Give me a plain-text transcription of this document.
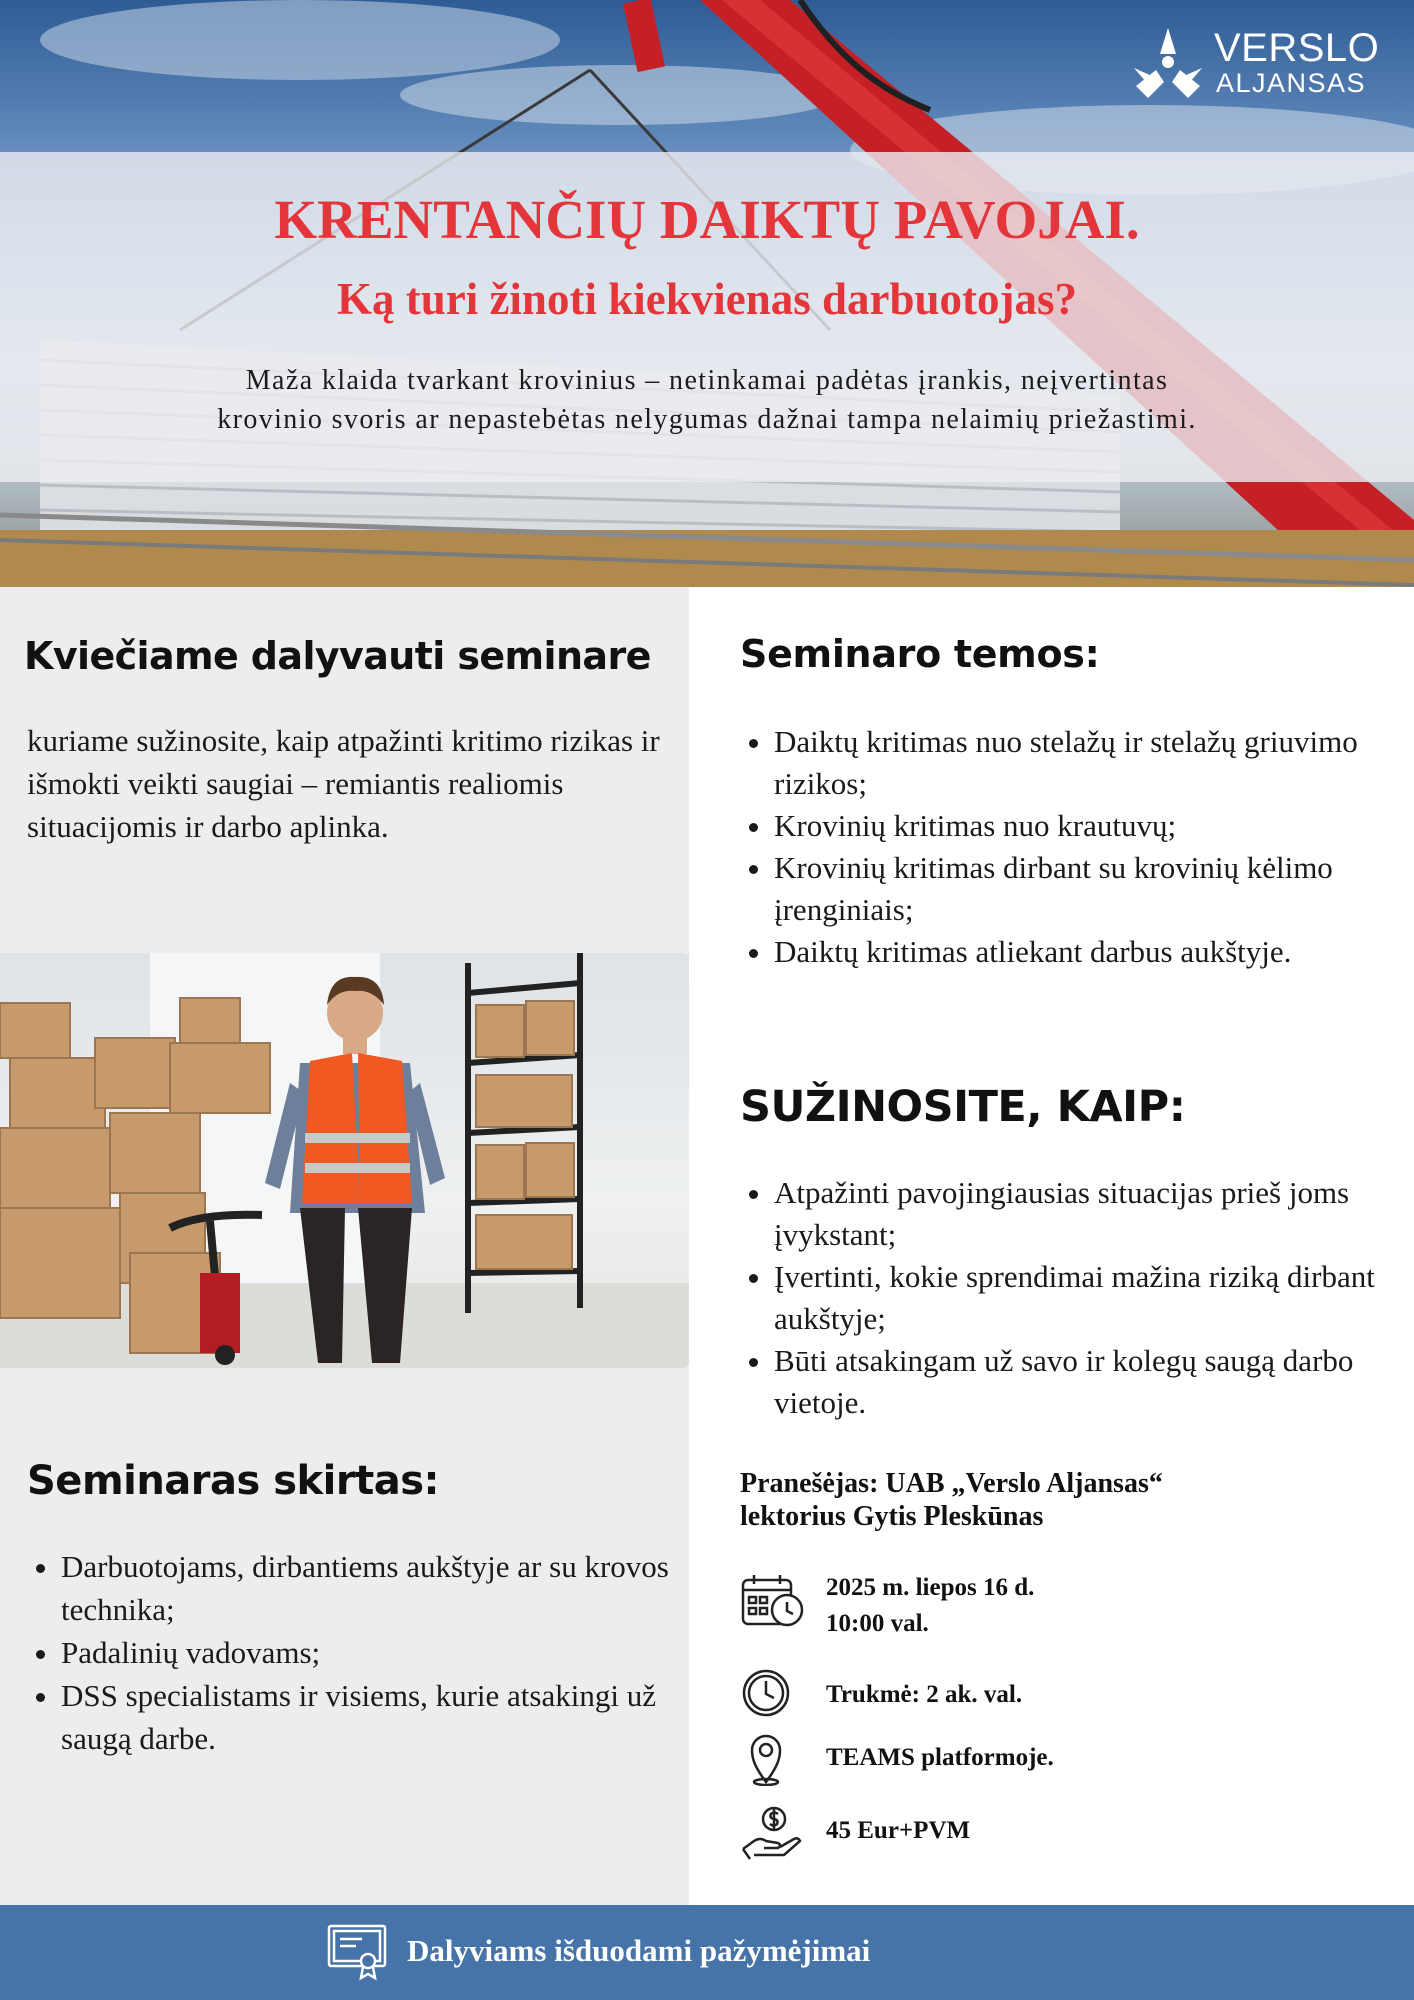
VERSLO
ALJANSAS
KRENTANČIŲ DAIKTŲ PAVOJAI.
Ką turi žinoti kiekvienas darbuotojas?

Maža klaida tvarkant krovinius – netinkamai padėtas įrankis, neįvertintas
krovinio svoris ar nepastebėtas nelygumas dažnai tampa nelaimių priežastimi.

Kviečiame dalyvauti seminare

kuriame sužinosite, kaip atpažinti kritimo rizikas ir išmokti veikti saugiai – remiantis realiomis situacijomis ir darbo aplinka.

Seminaras skirtas:
• Darbuotojams, dirbantiems aukštyje ar su krovos technika;
• Padalinių vadovams;
• DSS specialistams ir visiems, kurie atsakingi už saugą darbe.
Seminaro temos:
• Daiktų kritimas nuo stelažų ir stelažų griuvimo rizikos;
• Krovinių kritimas nuo krautuvų;
• Krovinių kritimas dirbant su krovinių kėlimo įrenginiais;
• Daiktų kritimas atliekant darbus aukštyje.
SUŽINOSITE, KAIP:
• Atpažinti pavojingiausias situacijas prieš joms įvykstant;
• Įvertinti, kokie sprendimai mažina riziką dirbant aukštyje;
• Būti atsakingam už savo ir kolegų saugą darbo vietoje.
Pranešėjas: UAB „Verslo Aljansas“
lektorius Gytis Pleskūnas
2025 m. liepos 16 d.
10:00 val.
Trukmė: 2 ak. val.
TEAMS platformoje.
45 Eur+PVM
Dalyviams išduodami pažymėjimai
